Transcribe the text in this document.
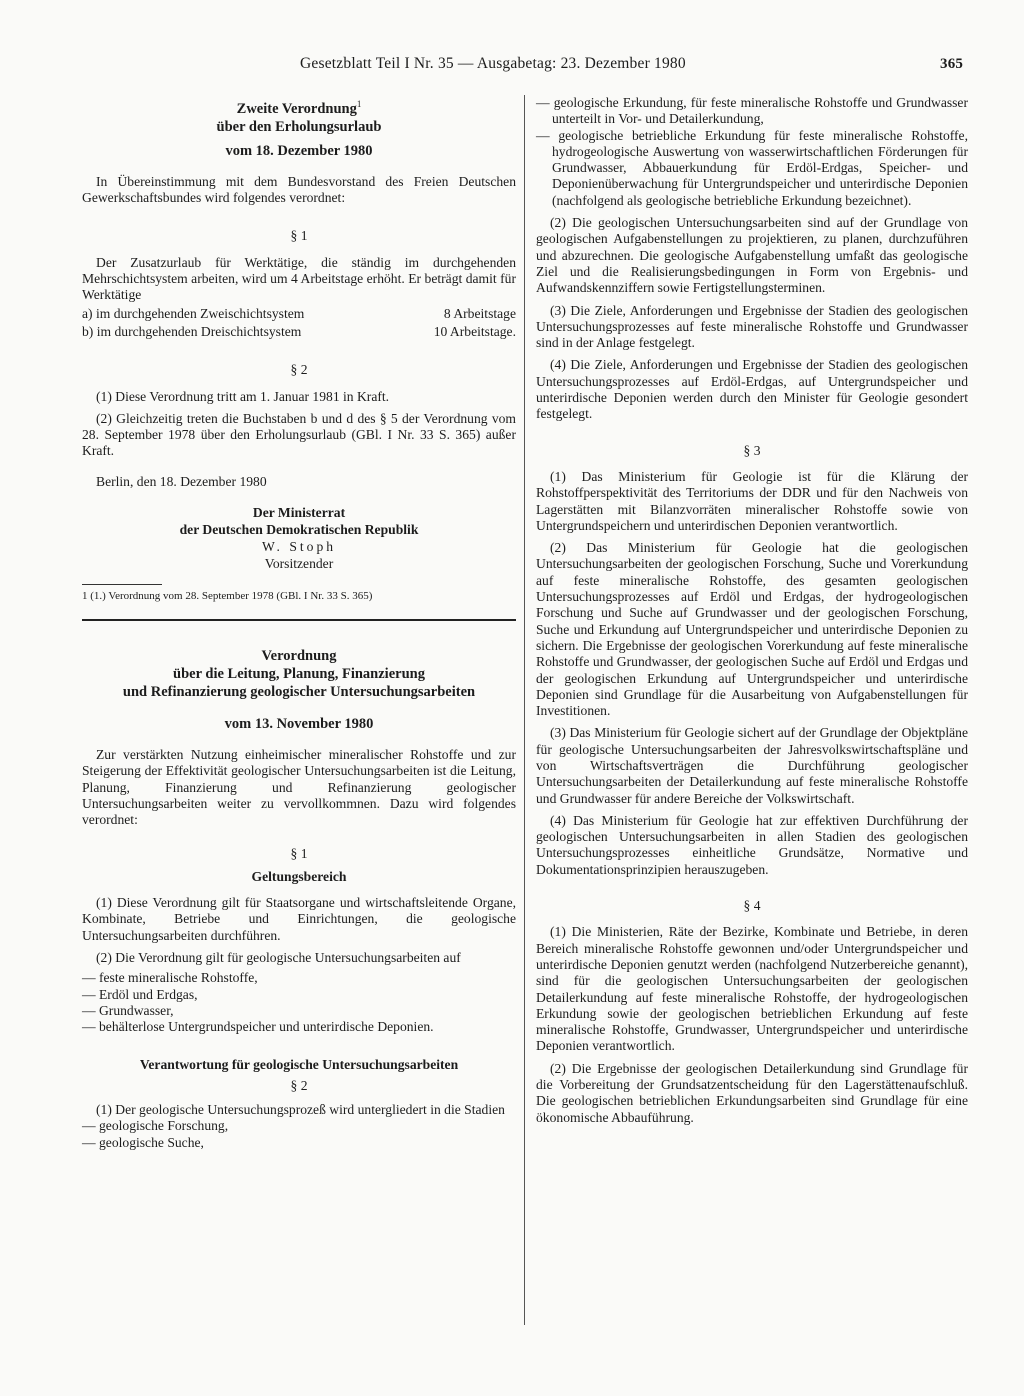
Gesetzblatt Teil I Nr. 35 — Ausgabetag: 23. Dezember 1980	365
Zweite Verordnung$^1$
über den Erholungsurlaub
vom 18. Dezember 1980

In Übereinstimmung mit dem Bundesvorstand des Freien Deutschen Gewerkschaftsbundes wird folgendes verordnet:

§ 1

Der Zusatzurlaub für Werktätige, die ständig im durchgehenden Mehrschichtsystem arbeiten, wird um 4 Arbeitstage erhöht. Er beträgt damit für Werktätige

a) im durchgehenden Zweischichtsystem	8 Arbeitstage
b) im durchgehenden Dreischichtsystem	10 Arbeitstage.
§ 2

(1) Diese Verordnung tritt am 1. Januar 1981 in Kraft.

(2) Gleichzeitig treten die Buchstaben b und d des § 5 der Verordnung vom 28. September 1978 über den Erholungsurlaub (GBl. I Nr. 33 S. 365) außer Kraft.

Berlin, den 18. Dezember 1980

Der Ministerrat
der Deutschen Demokratischen Republik
W. Stoph
Vorsitzender
1 (1.) Verordnung vom 28. September 1978 (GBl. I Nr. 33 S. 365)
Verordnung
über die Leitung, Planung, Finanzierung
und Refinanzierung geologischer Untersuchungsarbeiten
vom 13. November 1980

Zur verstärkten Nutzung einheimischer mineralischer Rohstoffe und zur Steigerung der Effektivität geologischer Untersuchungsarbeiten ist die Leitung, Planung, Finanzierung und Refinanzierung geologischer Untersuchungsarbeiten weiter zu vervollkommnen. Dazu wird folgendes verordnet:

§ 1
Geltungsbereich

(1) Diese Verordnung gilt für Staatsorgane und wirtschaftsleitende Organe, Kombinate, Betriebe und Einrichtungen, die geologische Untersuchungsarbeiten durchführen.

(2) Die Verordnung gilt für geologische Untersuchungsarbeiten auf

— feste mineralische Rohstoffe,
— Erdöl und Erdgas,
— Grundwasser,
— behälterlose Untergrundspeicher und unterirdische Deponien.
Verantwortung für geologische Untersuchungsarbeiten
§ 2

(1) Der geologische Untersuchungsprozeß wird untergliedert in die Stadien

— geologische Forschung,
— geologische Suche,
— geologische Erkundung, für feste mineralische Rohstoffe und Grundwasser unterteilt in Vor- und Detailerkundung,
— geologische betriebliche Erkundung für feste mineralische Rohstoffe, hydrogeologische Auswertung von wasserwirtschaftlichen Förderungen für Grundwasser, Abbauerkundung für Erdöl-Erdgas, Speicher- und Deponienüberwachung für Untergrundspeicher und unterirdische Deponien (nachfolgend als geologische betriebliche Erkundung bezeichnet).

(2) Die geologischen Untersuchungsarbeiten sind auf der Grundlage von geologischen Aufgabenstellungen zu projektieren, zu planen, durchzuführen und abzurechnen. Die geologische Aufgabenstellung umfaßt das geologische Ziel und die Realisierungsbedingungen in Form von Ergebnis- und Aufwandskennziffern sowie Fertigstellungsterminen.

(3) Die Ziele, Anforderungen und Ergebnisse der Stadien des geologischen Untersuchungsprozesses auf feste mineralische Rohstoffe und Grundwasser sind in der Anlage festgelegt.

(4) Die Ziele, Anforderungen und Ergebnisse der Stadien des geologischen Untersuchungsprozesses auf Erdöl-Erdgas, auf Untergrundspeicher und unterirdische Deponien werden durch den Minister für Geologie gesondert festgelegt.

§ 3

(1) Das Ministerium für Geologie ist für die Klärung der Rohstoffperspektivität des Territoriums der DDR und für den Nachweis von Lagerstätten mit Bilanzvorräten mineralischer Rohstoffe sowie von Untergrundspeichern und unterirdischen Deponien verantwortlich.

(2) Das Ministerium für Geologie hat die geologischen Untersuchungsarbeiten der geologischen Forschung, Suche und Vorerkundung auf feste mineralische Rohstoffe, des gesamten geologischen Untersuchungsprozesses auf Erdöl und Erdgas, der hydrogeologischen Forschung und Suche auf Grundwasser und der geologischen Forschung, Suche und Erkundung auf Untergrundspeicher und unterirdische Deponien zu sichern. Die Ergebnisse der geologischen Vorerkundung auf feste mineralische Rohstoffe und Grundwasser, der geologischen Suche auf Erdöl und Erdgas und der geologischen Erkundung auf Untergrundspeicher und unterirdische Deponien sind Grundlage für die Ausarbeitung von Aufgabenstellungen für Investitionen.

(3) Das Ministerium für Geologie sichert auf der Grundlage der Objektpläne für geologische Untersuchungsarbeiten der Jahresvolkswirtschaftspläne und von Wirtschaftsverträgen die Durchführung geologischer Untersuchungsarbeiten der Detailerkundung auf feste mineralische Rohstoffe und Grundwasser für andere Bereiche der Volkswirtschaft.

(4) Das Ministerium für Geologie hat zur effektiven Durchführung der geologischen Untersuchungsarbeiten in allen Stadien des geologischen Untersuchungsprozesses einheitliche Grundsätze, Normative und Dokumentationsprinzipien herauszugeben.

§ 4

(1) Die Ministerien, Räte der Bezirke, Kombinate und Betriebe, in deren Bereich mineralische Rohstoffe gewonnen und/oder Untergrundspeicher und unterirdische Deponien genutzt werden (nachfolgend Nutzerbereiche genannt), sind für die geologischen Untersuchungsarbeiten der geologischen Detailerkundung auf feste mineralische Rohstoffe, der hydrogeologischen Erkundung sowie der geologischen betrieblichen Erkundung auf feste mineralische Rohstoffe, Grundwasser, Untergrundspeicher und unterirdische Deponien verantwortlich.

(2) Die Ergebnisse der geologischen Detailerkundung sind Grundlage für die Vorbereitung der Grundsatzentscheidung für den Lagerstättenaufschluß. Die geologischen betrieblichen Erkundungsarbeiten sind Grundlage für eine ökonomische Abbauführung.
